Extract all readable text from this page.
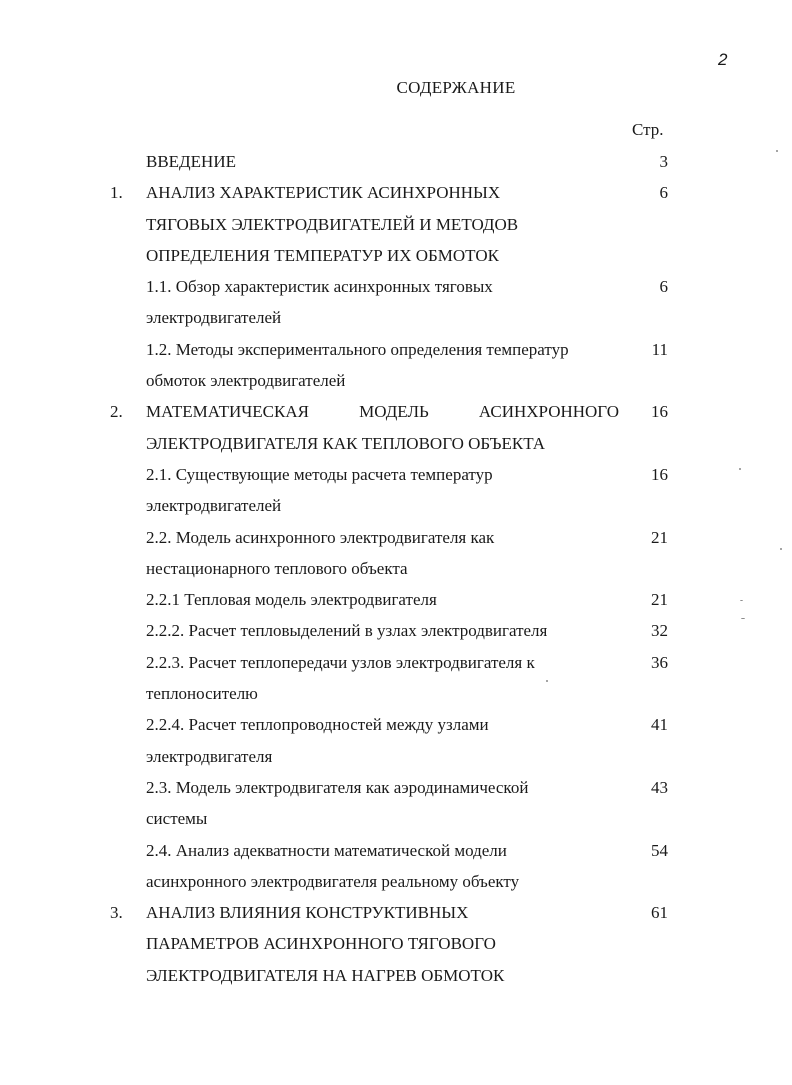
2
СОДЕРЖАНИЕ
Стр.
ВВЕДЕНИЕ	3
1. АНАЛИЗ ХАРАКТЕРИСТИК АСИНХРОННЫХ	6
ТЯГОВЫХ ЭЛЕКТРОДВИГАТЕЛЕЙ И МЕТОДОВ
ОПРЕДЕЛЕНИЯ ТЕМПЕРАТУР ИХ ОБМОТОК
1.1. Обзор характеристик асинхронных тяговых	6
электродвигателей
1.2. Методы экспериментального определения температур	11
обмоток электродвигателей
2. МАТЕМАТИЧЕСКАЯ МОДЕЛЬ АСИНХРОННОГО	16
ЭЛЕКТРОДВИГАТЕЛЯ КАК ТЕПЛОВОГО ОБЪЕКТА
2.1. Существующие методы расчета температур	16
электродвигателей
2.2. Модель асинхронного электродвигателя как	21
нестационарного теплового объекта
2.2.1 Тепловая модель электродвигателя	21
2.2.2. Расчет тепловыделений в узлах электродвигателя	32
2.2.3. Расчет теплопередачи узлов электродвигателя к	36
теплоносителю
2.2.4. Расчет теплопроводностей между узлами	41
электродвигателя
2.3. Модель электродвигателя как аэродинамической	43
системы
2.4. Анализ адекватности математической модели	54
асинхронного электродвигателя реальному объекту
3. АНАЛИЗ ВЛИЯНИЯ КОНСТРУКТИВНЫХ	61
ПАРАМЕТРОВ АСИНХРОННОГО ТЯГОВОГО
ЭЛЕКТРОДВИГАТЕЛЯ НА НАГРЕВ ОБМОТОК
